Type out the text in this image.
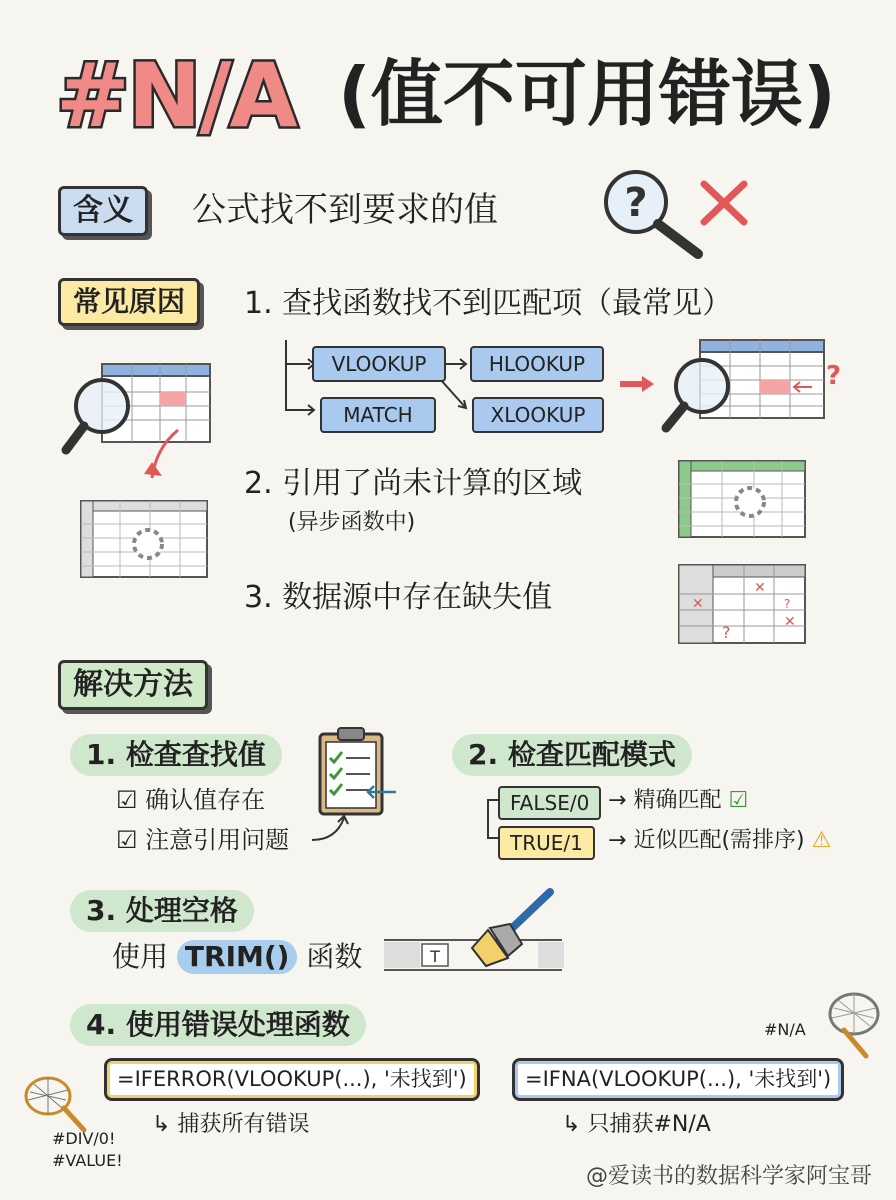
#N/A (值不可用错误)
含义	公式找不到要求的值	?
常见原因	1. 查找函数找不到匹配项（最常见）
VLOOKUP	HLOOKUP
MATCH	XLOOKUP
?
2. 引用了尚未计算的区域
(异步函数中)
3. 数据源中存在缺失值	✕
✕
?
?
✕
解决方法
1. 检查查找值
☑ 确认值存在
☑ 注意引用问题
2. 检查匹配模式
FALSE/0 → 精确匹配 ☑
TRUE/1	→ 近似匹配(需排序) ⚠
3. 处理空格
使用 TRIM() 函数	T
4. 使用错误处理函数
=IFERROR(VLOOKUP(...), '未找到')
↳ 捕获所有错误
=IFNA(VLOOKUP(...), '未找到')
↳ 只捕获#N/A
#DIV/0!
#VALUE!
#N/A
@爱读书的数据科学家阿宝哥
